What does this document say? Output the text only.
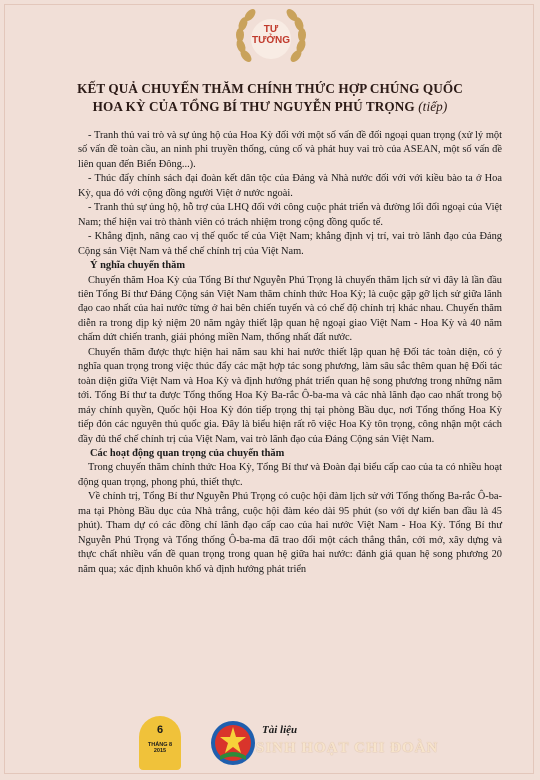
TƯ
TƯỞNG
KẾT QUẢ CHUYẾN THĂM CHÍNH THỨC HỢP CHÚNG QUỐC
HOA KỲ CỦA TỔNG BÍ THƯ NGUYỄN PHÚ TRỌNG (tiếp)

- Tranh thủ vai trò và sự ủng hộ của Hoa Kỳ đối với một số vấn đề đối ngoại quan trọng (xử lý một số vấn đề toàn cầu, an ninh phi truyền thống, củng cố và phát huy vai trò của ASEAN, một số vấn đề liên quan đến Biển Đông...).

- Thúc đẩy chính sách đại đoàn kết dân tộc của Đảng và Nhà nước đối với với kiều bào ta ở Hoa Kỳ, qua đó với cộng đồng người Việt ở nước ngoài.

- Tranh thủ sự ủng hộ, hỗ trợ của LHQ đối với công cuộc phát triển và đường lối đối ngoại của Việt Nam; thể hiện vai trò thành viên có trách nhiệm trong cộng đồng quốc tế.

- Khẳng định, nâng cao vị thế quốc tế của Việt Nam; khẳng định vị trí, vai trò lãnh đạo của Đảng Cộng sản Việt Nam và thể chế chính trị của Việt Nam.

Ý nghĩa chuyến thăm

Chuyến thăm Hoa Kỳ của Tổng Bí thư Nguyễn Phú Trọng là chuyến thăm lịch sử vì đây là lần đầu tiên Tổng Bí thư Đảng Cộng sản Việt Nam thăm chính thức Hoa Kỳ; là cuộc gặp gỡ lịch sử giữa lãnh đạo cao nhất của hai nước từng ở hai bên chiến tuyến và có chế độ chính trị khác nhau. Chuyến thăm diễn ra trong dịp kỷ niệm 20 năm ngày thiết lập quan hệ ngoại giao Việt Nam - Hoa Kỳ và 40 năm chấm dứt chiến tranh, giải phóng miền Nam, thống nhất đất nước.

Chuyến thăm được thực hiện hai năm sau khi hai nước thiết lập quan hệ Đối tác toàn diện, có ý nghĩa quan trọng trong việc thúc đẩy các mặt hợp tác song phương, làm sâu sắc thêm quan hệ Đối tác toàn diện giữa Việt Nam và Hoa Kỳ và định hướng phát triển quan hệ song phương trong những năm tới. Tổng Bí thư ta được Tổng thống Hoa Kỳ Ba-rắc Ô-ba-ma và các nhà lãnh đạo cao nhất trong bộ máy chính quyền, Quốc hội Hoa Kỳ đón tiếp trọng thị tại phòng Bầu dục, nơi Tổng thống Hoa Kỳ tiếp đón các nguyên thủ quốc gia. Đây là biểu hiện rất rõ việc Hoa Kỳ tôn trọng, công nhận một cách đầy đủ thể chế chính trị của Việt Nam, vai trò lãnh đạo của Đảng Cộng sản Việt Nam.

Các hoạt động quan trọng của chuyến thăm

Trong chuyến thăm chính thức Hoa Kỳ, Tổng Bí thư và Đoàn đại biểu cấp cao của ta có nhiều hoạt động quan trọng, phong phú, thiết thực.

Về chính trị, Tổng Bí thư Nguyễn Phú Trọng có cuộc hội đàm lịch sử với Tổng thống Ba-rắc Ô-ba-ma tại Phòng Bầu dục của Nhà trắng, cuộc hội đàm kéo dài 95 phút (so với dự kiến ban đầu là 45 phút). Tham dự có các đồng chí lãnh đạo cấp cao của hai nước Việt Nam - Hoa Kỳ. Tổng Bí thư Nguyễn Phú Trọng và Tổng thống Ô-ba-ma đã trao đổi một cách thẳng thắn, cởi mở, xây dựng và thực chất nhiều vấn đề quan trọng trong quan hệ giữa hai nước: đánh giá quan hệ song phương 20 năm qua; xác định khuôn khổ và định hướng phát triển

6
THÁNG 8
2015
Tài liệu
SINH HOẠT CHI ĐOÀN
